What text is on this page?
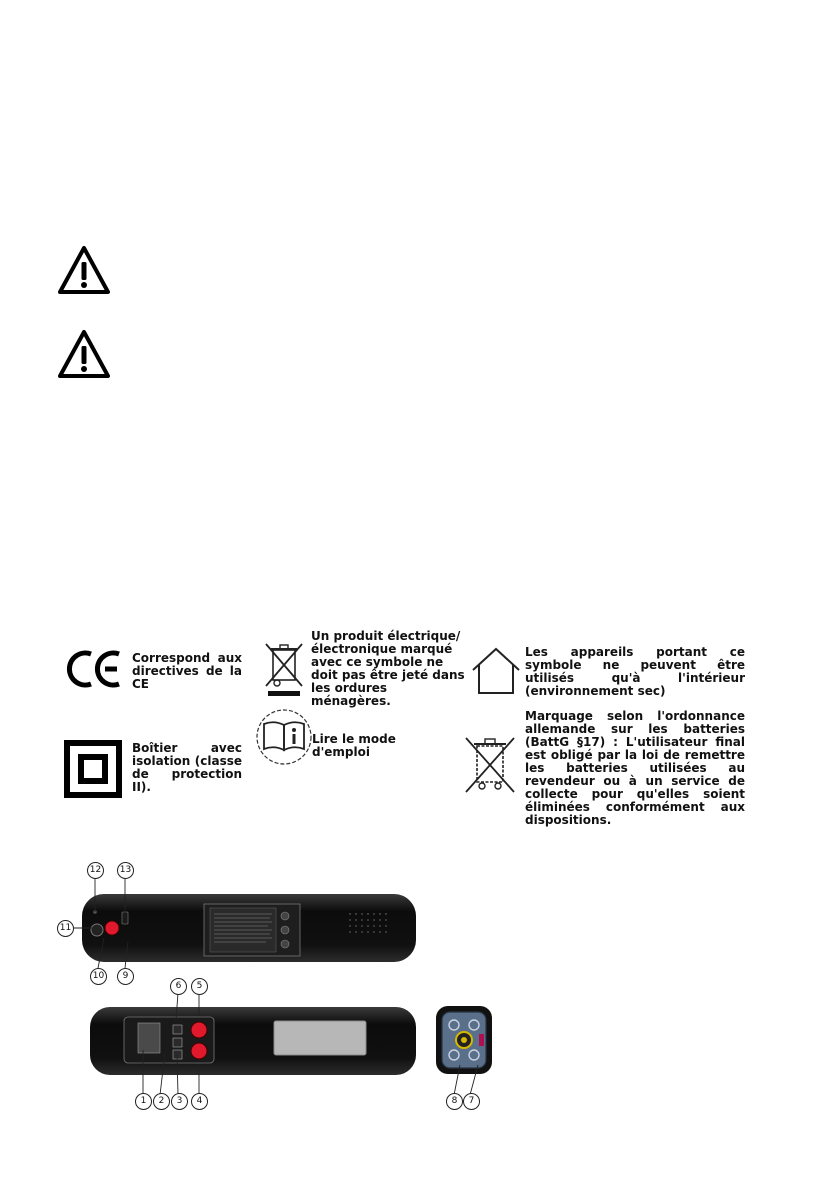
Correspond aux directives de la CE
Un produit électrique/électronique marqué avec ce symbole ne doit pas être jeté dans les ordures ménagères.
Les appareils portant ce symbole ne peuvent être utilisés qu'à l'intérieur (environnement sec)
Boîtier avec isolation (classe de protection II).
Lire le mode d'emploi
Marquage selon l'ordonnance allemande sur les batteries (BattG §17) : L'utilisateur final est obligé par la loi de remettre les batteries utilisées au revendeur ou à un service de collecte pour qu'elles soient éliminées conformément aux dispositions.
12	13
11
10	9
6	5
1	2	3	4	8	7
